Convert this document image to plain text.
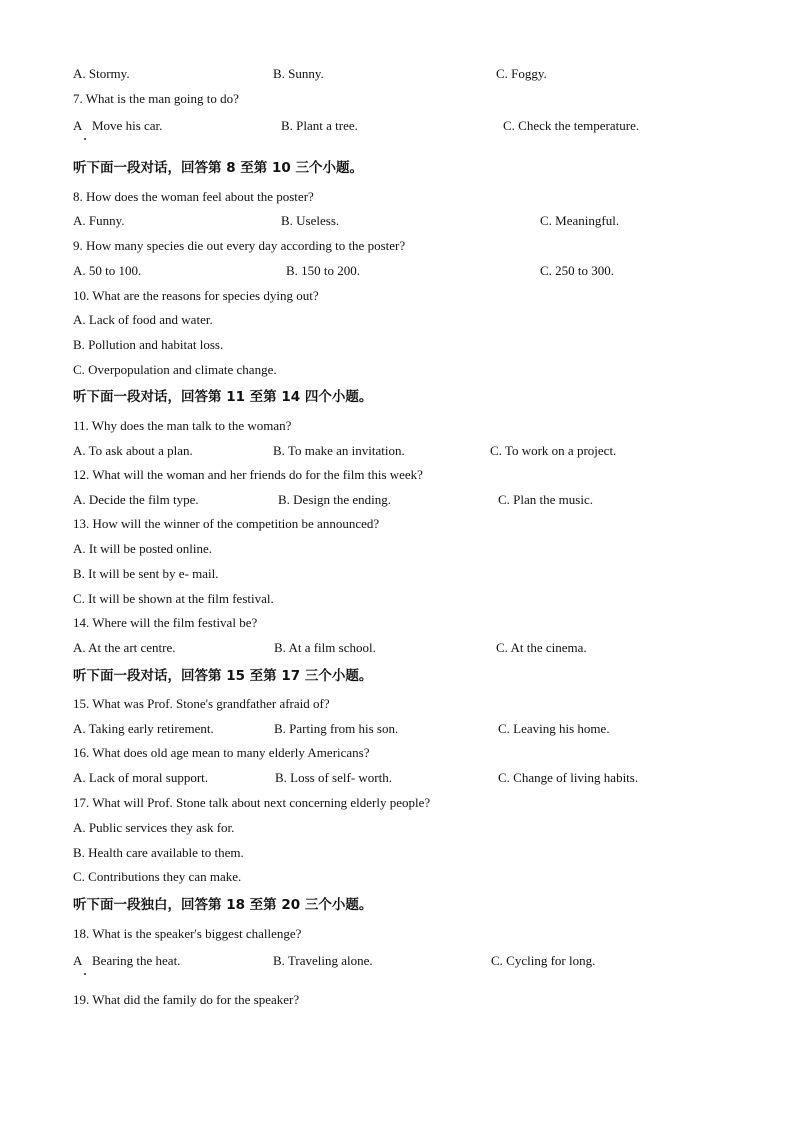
A. Stormy.	B. Sunny.	C. Foggy.
7. What is the man going to do?
A Move his car.	B. Plant a tree.	C. Check the temperature.
听下面一段对话，回答第 8 至第 10 三个小题。
8. How does the woman feel about the poster?
A. Funny.	B. Useless.	C. Meaningful.
9. How many species die out every day according to the poster?
A. 50 to 100.	B. 150 to 200.	C. 250 to 300.
10. What are the reasons for species dying out?
A. Lack of food and water.
B. Pollution and habitat loss.
C. Overpopulation and climate change.
听下面一段对话，回答第 11 至第 14 四个小题。
11. Why does the man talk to the woman?
A. To ask about a plan.	B. To make an invitation.	C. To work on a project.
12. What will the woman and her friends do for the film this week?
A. Decide the film type.	B. Design the ending.	C. Plan the music.
13. How will the winner of the competition be announced?
A. It will be posted online.
B. It will be sent by e- mail.
C. It will be shown at the film festival.
14. Where will the film festival be?
A. At the art centre.	B. At a film school.	C. At the cinema.
听下面一段对话，回答第 15 至第 17 三个小题。
15. What was Prof. Stone's grandfather afraid of?
A. Taking early retirement.	B. Parting from his son.	C. Leaving his home.
16. What does old age mean to many elderly Americans?
A. Lack of moral support.	B. Loss of self- worth.	C. Change of living habits.
17. What will Prof. Stone talk about next concerning elderly people?
A. Public services they ask for.
B. Health care available to them.
C. Contributions they can make.
听下面一段独白，回答第 18 至第 20 三个小题。
18. What is the speaker's biggest challenge?
A Bearing the heat.	B. Traveling alone.	C. Cycling for long.
19. What did the family do for the speaker?
